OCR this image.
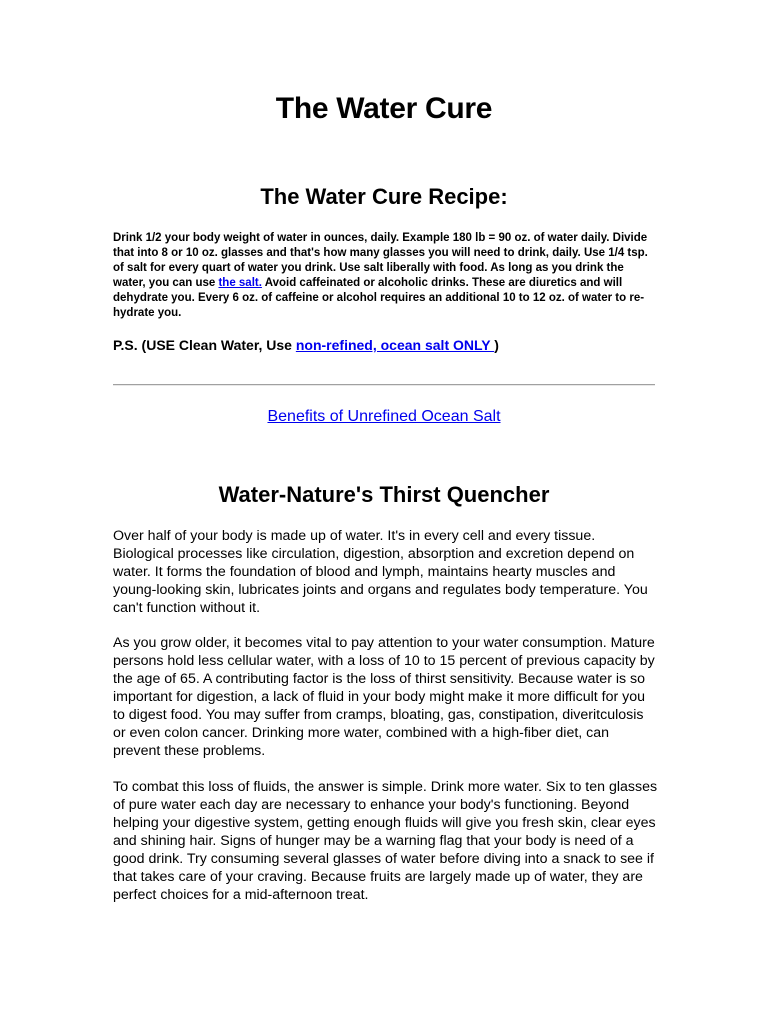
The Water Cure
The Water Cure Recipe:
Drink 1/2 your body weight of water in ounces, daily. Example 180 lb = 90 oz. of water daily. Divide that into 8 or 10 oz. glasses and that's how many glasses you will need to drink, daily. Use 1/4 tsp. of salt for every quart of water you drink. Use salt liberally with food. As long as you drink the water, you can use the salt. Avoid caffeinated or alcoholic drinks. These are diuretics and will dehydrate you. Every 6 oz. of caffeine or alcohol requires an additional 10 to 12 oz. of water to re-hydrate you.
P.S. (USE Clean Water, Use non-refined, ocean salt ONLY )
Benefits of Unrefined Ocean Salt
Water-Nature's Thirst Quencher

Over half of your body is made up of water. It's in every cell and every tissue. Biological processes like circulation, digestion, absorption and excretion depend on water. It forms the foundation of blood and lymph, maintains hearty muscles and young-looking skin, lubricates joints and organs and regulates body temperature. You can't function without it.

As you grow older, it becomes vital to pay attention to your water consumption. Mature persons hold less cellular water, with a loss of 10 to 15 percent of previous capacity by the age of 65. A contributing factor is the loss of thirst sensitivity. Because water is so important for digestion, a lack of fluid in your body might make it more difficult for you to digest food. You may suffer from cramps, bloating, gas, constipation, diveritculosis or even colon cancer. Drinking more water, combined with a high-fiber diet, can prevent these problems.

To combat this loss of fluids, the answer is simple. Drink more water. Six to ten glasses of pure water each day are necessary to enhance your body's functioning. Beyond helping your digestive system, getting enough fluids will give you fresh skin, clear eyes and shining hair. Signs of hunger may be a warning flag that your body is need of a good drink. Try consuming several glasses of water before diving into a snack to see if that takes care of your craving. Because fruits are largely made up of water, they are perfect choices for a mid-afternoon treat.
